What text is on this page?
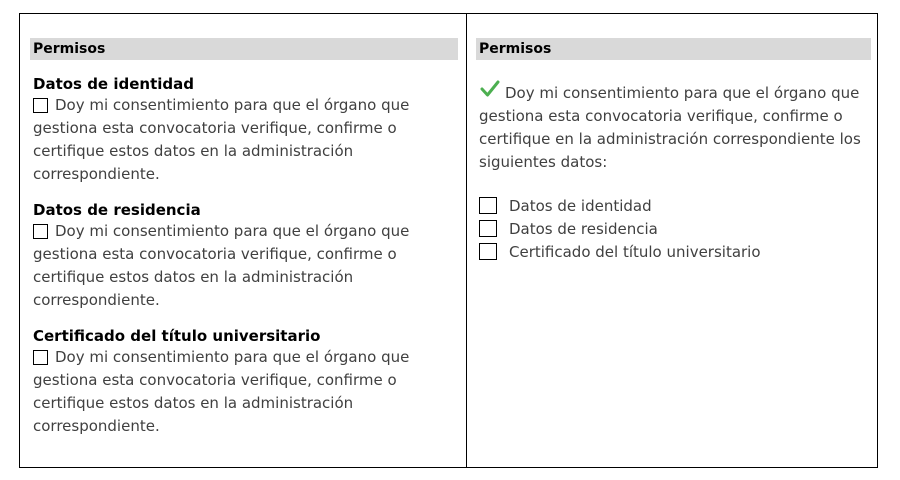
Permisos
Datos de identidad
Doy mi consentimiento para que el órgano que gestiona esta convocatoria verifique, confirme o certifique estos datos en la administración correspondiente.
Datos de residencia
Doy mi consentimiento para que el órgano que gestiona esta convocatoria verifique, confirme o certifique estos datos en la administración correspondiente.
Certificado del título universitario
Doy mi consentimiento para que el órgano que gestiona esta convocatoria verifique, confirme o certifique estos datos en la administración correspondiente.
Permisos
Doy mi consentimiento para que el órgano que gestiona esta convocatoria verifique, confirme o certifique en la administración correspondiente los siguientes datos:
Datos de identidad
Datos de residencia
Certificado del título universitario
